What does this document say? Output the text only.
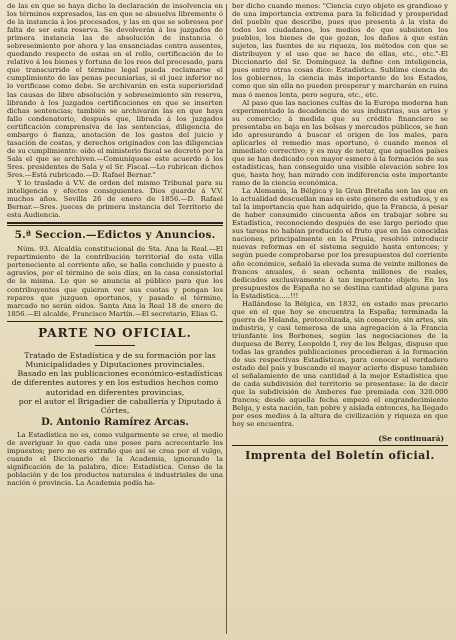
de las en que se haya dicho la declaración de insolvencia en los términos expresados, las en que se absuelva libremente ó de la instancia á los procesados, y las en que se sobresea por falta de ser esta reserva. Se devolverán á los juzgados de primera instancia las de absolución de instancia ó sobreseimiento por ahora y las ensanciadas contra ausentes, quedando respecto de estas en el rollo, certificación de lo relativo á los bienes y fortuna de los reos del procesado, para que transcurrido el término legal pueda reclamarse el cumplimiento de las penas pecuniarias, si el juez inferior no lo verificase como debe. Se archivarán en esta superioridad las causas de libre absolución y sobreseimiento sin reserva, librando á los juzgados certificaciones en que se inserten dichas sentencias; también se archivarán las en que haya fallo condenatorio, después que, librada á los juzgados certificación comprensiva de las sentencias, diligencia de embargo ó fianza, anotación de los gastos del juicio y tasación de costas, y derechos originados con las diligencias de su cumplimiento: oído el ministerio fiscal se decretó por la Sala el que se archiven.—Comuníquese este acuerdo á los Sres. presidentes de Sala y el Sr. Fiscal.—Lo rubrican dichos Sres.—Está rubricado.—D. Rafael Bernar."

Y lo traslado á V.V. de orden del mismo Tribunal para su inteligencia y efectos consiguientes. Dios guarde á V.V. muchos años. Sevilla 26 de enero de 1856.—D. Rafael Bernar.—Sres. jueces de primera instancia del Territorio de esta Audiencia.

5.ª Seccion.—Edictos y Anuncios.

Núm. 93. Alcaldía constitucional de Sta. Ana la Real.—El repartimiento de la contribución territorial de esta villa perteneciente al corriente año, se halla concluido y puesto á agravios, por el término de seis días, en la casa consistorial de la misma. Lo que se anuncia al público para que los contribuyentes que quieran ver sus cuotas y pongan los reparos que juzguen oportunos, y pasado el término, marcado no serán oídos. Santa Ana la Real 18 de enero de 1856.—El alcalde, Francisco Martín.—El secretario, Elias G.

PARTE NO OFICIAL.

Tratado de Estadística y de su formación por las Municipalidades y Diputaciones provinciales.

Basado en las publicaciones económico-estadísticas de diferentes autores y en los estudios hechos como autoridad en diferentes provincias,

por el autor el Brigadier de caballería y Diputado á Córtes,

D. Antonio Ramírez Arcas.

La Estadística no es, como vulgarmente se cree, el medio de averiguar lo que cada uno posee para acrecentarle los impuestos; pero no es extraño que así se crea por el vulgo, cuando el Diccionario de la Academia, ignorando la significación de la palabra, dice: Estadística. Censo de la población y de los productos naturales é industriales de una nación ó provincia. La Academia podía ha-

ber dicho cuando menos: "Ciencia cuyo objeto es grandioso y de una importancia extrema para la felicidad y prosperidad del pueblo que describe, pues que presenta á la vista de todos los ciudadanos, los medios de que subsisten los pueblos, los bienes de que gozan, los daños á que están sujetos, las fuentes de su riqueza, los métodos con que se distribuyen y el uso que se hace de ellas, etc., etc."-El Diccionario del Sr. Domínguez la define con inteligencia, pues entre otras cosas dice: Estadística. Sublime ciencia de los gobiernos, la ciencia más importante de los Estados, como que sin ella no pueden prosperar y marcharán en ruina mas ó menos lenta, pero segura, etc., etc.

Al paso que las naciones cultas de la Europa moderna han experimentado la decadencia de sus industrias, sus artes y su comercio; á medida que su crédito financiero se presentaba en baja en las bolsas y mercados públicos, se han ido apresurando á buscar el origen de los males, para aplicarles el remedio mas oportuno, ó cuando menos el inmediato correctivo; y es muy de notar, que aquellos países que se han dedicado con mayor esmero á la formación de sus estadísticas, han conseguido una visible elevación sobre los que, hasta hoy, han mirado con indiferencia este importante ramo de la ciencia económica.

La Alemania, la Bélgica y la Gran Bretaña son las que en la actualidad descuellan mas en este género de estudios, y es tal la importancia que han adquirido, que la Francia, á pesar de haber consumido cincuenta años en trabajar sobre su Estadística, reconociendo después de ese largo periodo que sus tareas no habían producido el fruto que en las conocidas naciones, principalmente en la Prusia, resolvió introducir nuevas reformas en el sistema seguido hasta entonces; y según puede comprobarse por los presupuestos del corriente año económico, señaló la elevada suma de veinte millones de francos anuales, ó sean ochenta millones de reales, dedicados exclusivamente á tan importante objeto. En los presupuestos de España no se destina cantidad alguna para la Estadística.....!!!

Hallándose la Bélgica, en 1832, en estado mas precario que en el que hoy se encuentra la España; terminada la guerra de Holanda, protocolizada, sin comercio, sin artes, sin industria, y casi temerosa de una agregación á la Francia triunfante los Borbones, según las negociaciones de la duquesa de Berry, Leopoldo I, rey de los Belgas, dispuso que todas las grandes publicaciones procedieran á la formación de sus respectivas Estadísticas, para conocer el verdadero estado del país y buscando el mayor acierto dispuso también el señalamiento de una cantidad á la mejor Estadística que de cada subdivisión del territorio se presentase: la de decir que la subdivisión de Amberes fue premiada con 320.000 francos; desde aquella fecha empezó el engrandecimiento Belga, y esta nación, tan pobre y aislada entonces, ha llegado por esos medios á la altura de civilización y riqueza en que hoy se encuentra.

(Se continuará)
Imprenta del Boletín oficial.
